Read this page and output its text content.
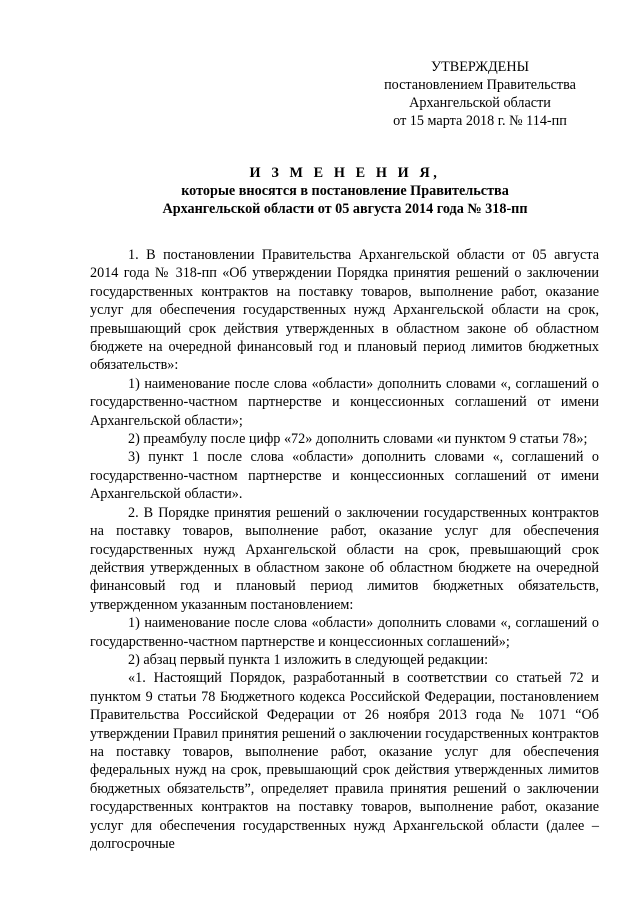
УТВЕРЖДЕНЫ
постановлением Правительства
Архангельской области
от 15 марта 2018 г. № 114-пп
И З М Е Н Е Н И Я,
которые вносятся в постановление Правительства
Архангельской области от 05 августа 2014 года № 318-пп

1. В постановлении Правительства Архангельской области от 05 августа 2014 года № 318-пп «Об утверждении Порядка принятия решений о заключении государственных контрактов на поставку товаров, выполнение работ, оказание услуг для обеспечения государственных нужд Архангельской области на срок, превышающий срок действия утвержденных в областном законе об областном бюджете на очередной финансовый год и плановый период лимитов бюджетных обязательств»:

1) наименование после слова «области» дополнить словами «, соглашений о государственно-частном партнерстве и концессионных соглашений от имени Архангельской области»;

2) преамбулу после цифр «72» дополнить словами «и пунктом 9 статьи 78»;

3) пункт 1 после слова «области» дополнить словами «, соглашений о государственно-частном партнерстве и концессионных соглашений от имени Архангельской области».

2. В Порядке принятия решений о заключении государственных контрактов на поставку товаров, выполнение работ, оказание услуг для обеспечения государственных нужд Архангельской области на срок, превышающий срок действия утвержденных в областном законе об областном бюджете на очередной финансовый год и плановый период лимитов бюджетных обязательств, утвержденном указанным постановлением:

1) наименование после слова «области» дополнить словами «, соглашений о государственно-частном партнерстве и концессионных соглашений»;

2) абзац первый пункта 1 изложить в следующей редакции:

«1. Настоящий Порядок, разработанный в соответствии со статьей 72 и пунктом 9 статьи 78 Бюджетного кодекса Российской Федерации, постановлением Правительства Российской Федерации от 26 ноября 2013 года № 1071 “Об утверждении Правил принятия решений о заключении государственных контрактов на поставку товаров, выполнение работ, оказание услуг для обеспечения федеральных нужд на срок, превышающий срок действия утвержденных лимитов бюджетных обязательств”, определяет правила принятия решений о заключении государственных контрактов на поставку товаров, выполнение работ, оказание услуг для обеспечения государственных нужд Архангельской области (далее – долгосрочные
